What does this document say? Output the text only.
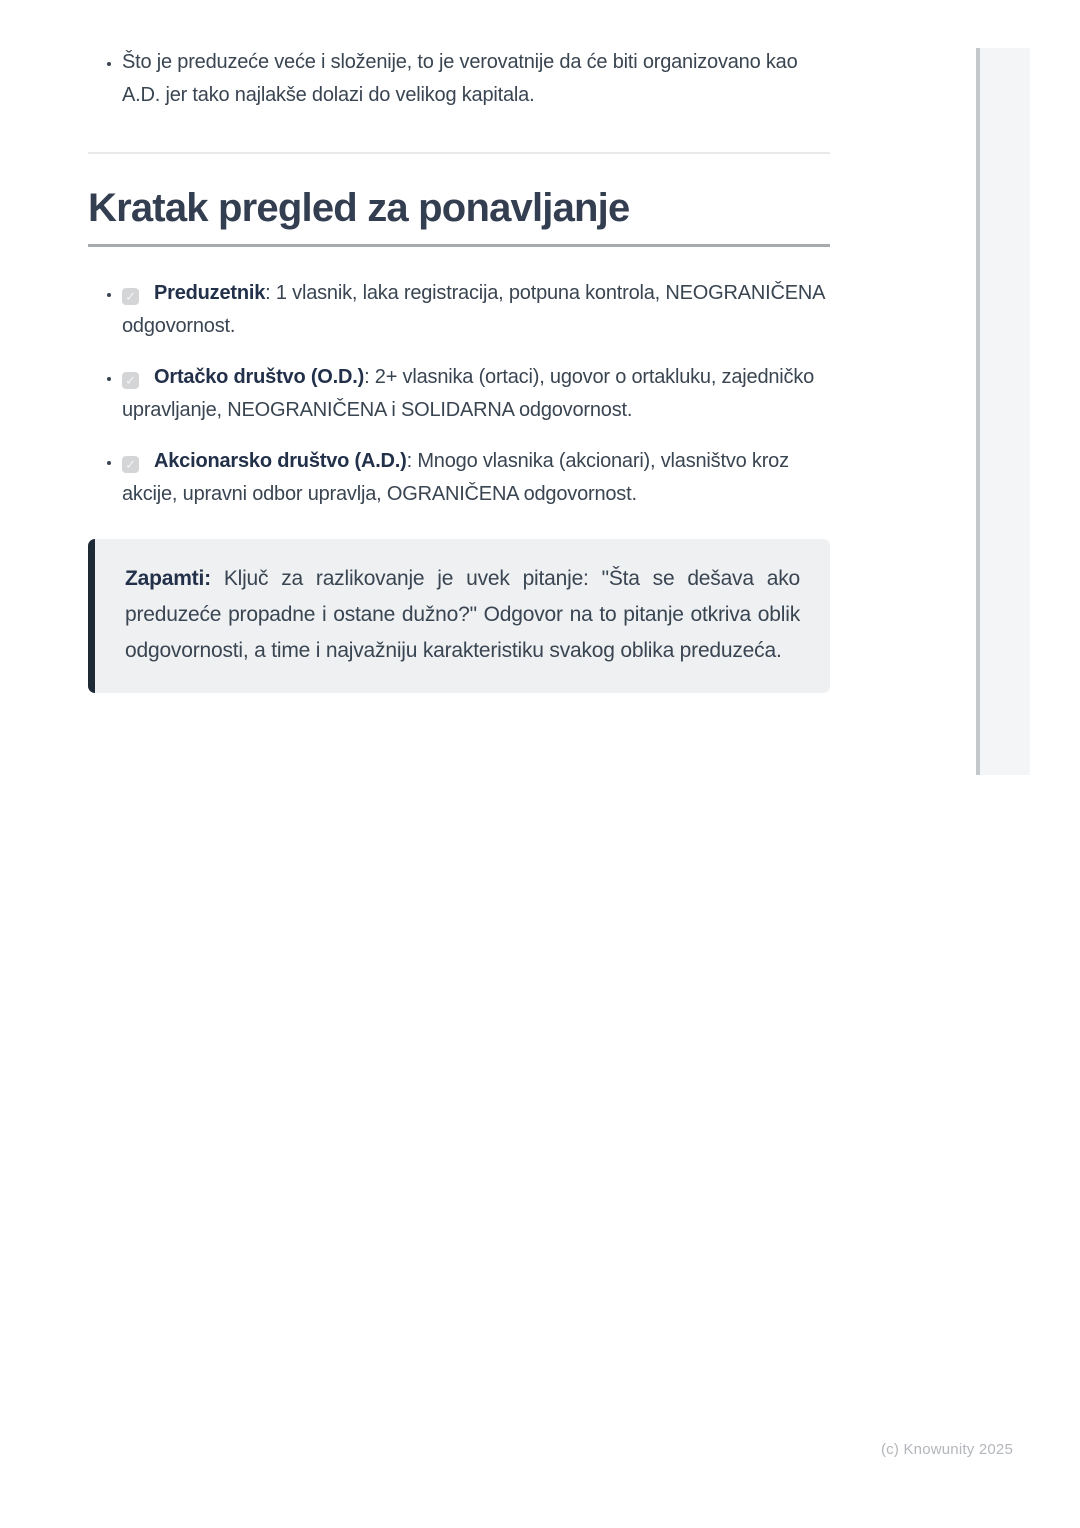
• Što je preduzeće veće i složenije, to je verovatnije da će biti organizovano kao A.D. jer tako najlakše dolazi do velikog kapitala.
Kratak pregled za ponavljanje
• ✓ Preduzetnik: 1 vlasnik, laka registracija, potpuna kontrola, NEOGRANIČENA odgovornost.
• ✓ Ortačko društvo (O.D.): 2+ vlasnika (ortaci), ugovor o ortakluku, zajedničko upravljanje, NEOGRANIČENA i SOLIDARNA odgovornost.
• ✓ Akcionarsko društvo (A.D.): Mnogo vlasnika (akcionari), vlasništvo kroz akcije, upravni odbor upravlja, OGRANIČENA odgovornost.
Zapamti: Ključ za razlikovanje je uvek pitanje: "Šta se dešava ako preduzeće propadne i ostane dužno?" Odgovor na to pitanje otkriva oblik odgovornosti, a time i najvažniju karakteristiku svakog oblika preduzeća.
(c) Knowunity 2025
